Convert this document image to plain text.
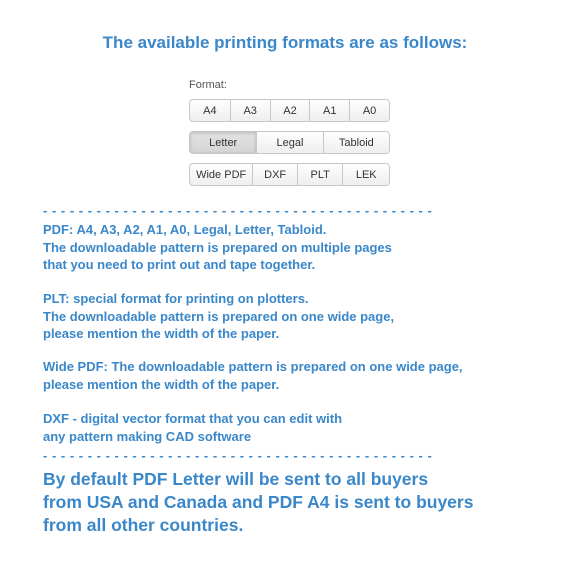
The available printing formats are as follows:
Format:
A4	A3	A2	A1	A0
Letter	Legal	Tabloid
Wide PDF	DXF	PLT	LEK
- - - - - - - - - - - - - - - - - - - - - - - - - - - - - - - - - - - - - - - - - - - -
PDF: A4, A3, A2, A1, A0, Legal, Letter, Tabloid.
The downloadable pattern is prepared on multiple pages
that you need to print out and tape together.
PLT: special format for printing on plotters.
The downloadable pattern is prepared on one wide page,
please mention the width of the paper.
Wide PDF: The downloadable pattern is prepared on one wide page,
please mention the width of the paper.
DXF - digital vector format that you can edit with
any pattern making CAD software
- - - - - - - - - - - - - - - - - - - - - - - - - - - - - - - - - - - - - - - - - - - -
By default PDF Letter will be sent to all buyers
from USA and Canada and PDF A4 is sent to buyers
from all other countries.
